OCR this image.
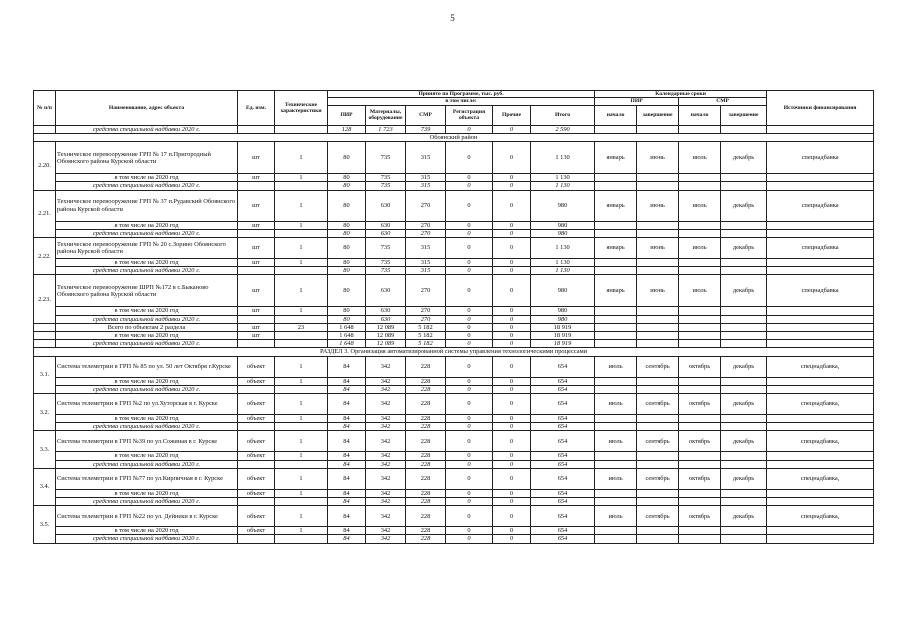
5
№ п/п	Наименование, адрес объекта	Ед. изм.	Технические характеристики	Принято по Программе, тыс. руб.						Календарные сроки				Источники финансирования
				в том числе:						ПИР		СМР		
				ПИР	Материалы, оборудование	СМР	Регистрация объекта	Прочие	Итого	начало	завершение	начало	завершение	
	средства специальной надбавки 2020 г.			128	1 723	739	0	0	2 590					
Обоянский район														
2.20.	Техническое перевооружение ГРП № 17 п.Пригородный Обоянского района Курской области	шт	1	80	735	315	0	0	1 130	январь	июнь	июль	декабрь	спецнадбавка
	в том числе на 2020 год	шт	1	80	735	315	0	0	1 130					
	средства специальной надбавки 2020 г.			80	735	315	0	0	1 130					
2.21.	Техническое перевооружение ГРП № 37 п.Рудавский Обоянского района Курской области	шт	1	80	630	270	0	0	980	январь	июнь	июль	декабрь	спецнадбавка
	в том числе на 2020 год	шт	1	80	630	270	0	0	980					
	средства специальной надбавки 2020 г.			80	630	270	0	0	980					
2.22.	Техническое перевооружение ГРП № 20 с.Зорино Обоянского района Курской области	шт	1	80	735	315	0	0	1 130	январь	июнь	июль	декабрь	спецнадбавка
	в том числе на 2020 год	шт	1	80	735	315	0	0	1 130					
	средства специальной надбавки 2020 г.			80	735	315	0	0	1 130					
2.23.	Техническое перевооружение ШРП №172 в с.Быканово Обоянского района Курской области	шт	1	80	630	270	0	0	980	январь	июнь	июль	декабрь	спецнадбавка
	в том числе на 2020 год	шт	1	80	630	270	0	0	980					
	средства специальной надбавки 2020 г.			80	630	270	0	0	980					
	Всего по объектам 2 раздела	шт	23	1 648	12 089	5 182	0	0	18 919					
	в том числе на 2020 год	шт		1 648	12 089	5 182	0	0	18 919					
	средства специальной надбавки 2020 г.			1 648	12 089	5 182	0	0	18 919					
РАЗДЕЛ 3. Организация автоматизированной системы управления технологическими процессами														
3.1.	Система телеметрии в ГРП № 85 по ул. 50 лет Октября г.Курске	объект	1	84	342	228	0	0	654	июль	сентябрь	октябрь	декабрь	спецнадбавка,
	в том числе на 2020 год	объект	1	84	342	228	0	0	654					
	средства специальной надбавки 2020 г.			84	342	228	0	0	654					
3.2.	Система телеметрии в ГРП №2 по ул.Хуторская в г. Курске	объект	1	84	342	228	0	0	654	июль	сентябрь	октябрь	декабрь	спецнадбавка,
	в том числе на 2020 год	объект	1	84	342	228	0	0	654					
	средства специальной надбавки 2020 г.			84	342	228	0	0	654					
3.3.	Система телеметрии в ГРП №39 по ул.Сожиная в г. Курске	объект	1	84	342	228	0	0	654	июль	сентябрь	октябрь	декабрь	спецнадбавка,
	в том числе на 2020 год	объект	1	84	342	228	0	0	654					
	средства специальной надбавки 2020 г.			84	342	228	0	0	654					
3.4.	Система телеметрии в ГРП №77 по ул.Кирпичная в г. Курске	объект	1	84	342	228	0	0	654	июль	сентябрь	октябрь	декабрь	спецнадбавка,
	в том числе на 2020 год	объект	1	84	342	228	0	0	654					
	средства специальной надбавки 2020 г.			84	342	228	0	0	654					
3.5.	Система телеметрии в ГРП №22 по ул. Дейнеки в г. Курске	объект	1	84	342	228	0	0	654	июль	сентябрь	октябрь	декабрь	спецнадбавка,
	в том числе на 2020 год	объект	1	84	342	228	0	0	654					
	средства специальной надбавки 2020 г.			84	342	228	0	0	654					
